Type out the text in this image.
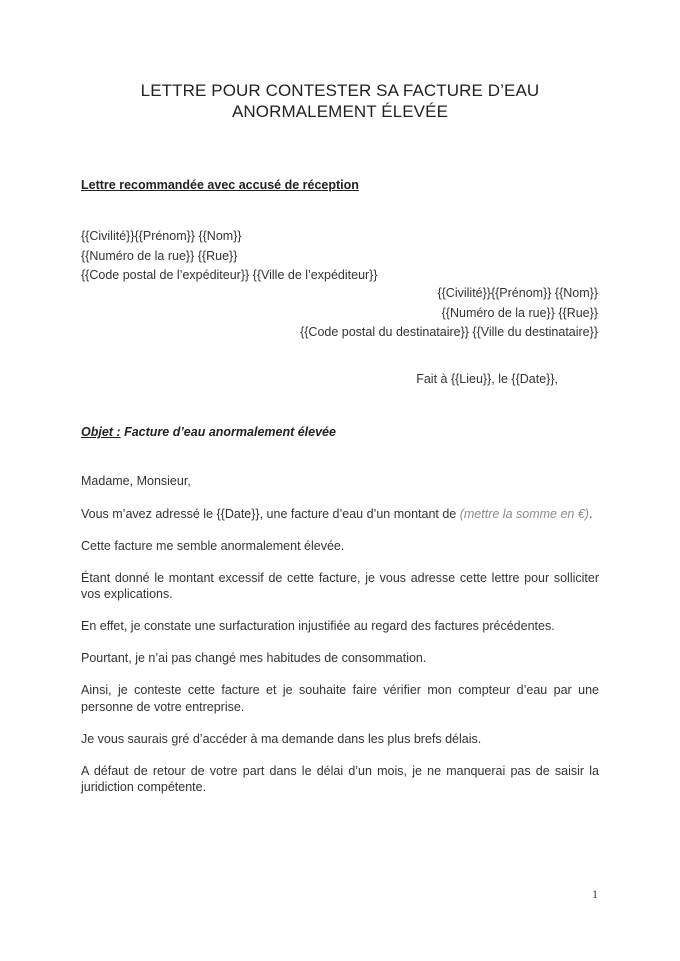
LETTRE POUR CONTESTER SA FACTURE D’EAU
ANORMALEMENT ÉLEVÉE
Lettre recommandée avec accusé de réception
{{Civilité}}{{Prénom}} {{Nom}}
{{Numéro de la rue}} {{Rue}}
{{Code postal de l’expéditeur}} {{Ville de l’expéditeur}}
{{Civilité}}{{Prénom}} {{Nom}}
{{Numéro de la rue}} {{Rue}}
{{Code postal du destinataire}} {{Ville du destinataire}}
Fait à {{Lieu}}, le {{Date}},
Objet : Facture d’eau anormalement élevée

Madame, Monsieur,

Vous m’avez adressé le {{Date}}, une facture d’eau d’un montant de (mettre la somme en €).

Cette facture me semble anormalement élevée.

Étant donné le montant excessif de cette facture, je vous adresse cette lettre pour solliciter vos explications.

En effet, je constate une surfacturation injustifiée au regard des factures précédentes.

Pourtant, je n’ai pas changé mes habitudes de consommation.

Ainsi, je conteste cette facture et je souhaite faire vérifier mon compteur d’eau par une personne de votre entreprise.

Je vous saurais gré d’accéder à ma demande dans les plus brefs délais.

A défaut de retour de votre part dans le délai d’un mois, je ne manquerai pas de saisir la juridiction compétente.

1
